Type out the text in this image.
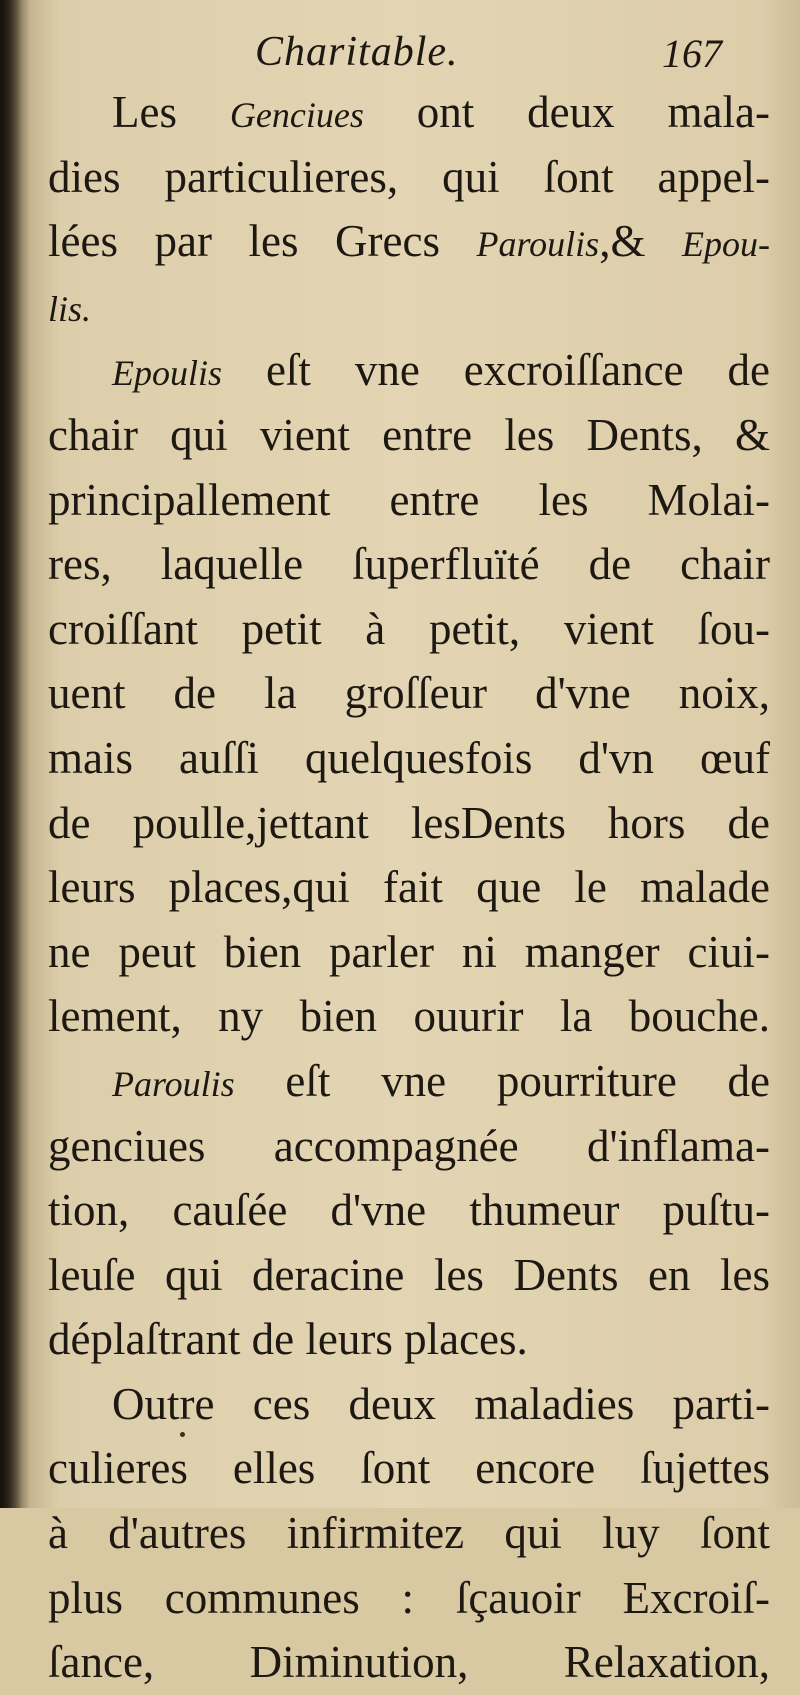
Charitable.	167
Les Genciues ont deux mala-
dies particulieres, qui ſont appel-
lées par les Grecs Paroulis,& Epou-
lis.
Epoulis eſt vne excroiſſance de
chair qui vient entre les Dents, &
principallement entre les Molai-
res, laquelle ſuperfluïté de chair
croiſſant petit à petit, vient ſou-
uent de la groſſeur d'vne noix,
mais auſſi quelquesfois d'vn œuf
de poulle,jettant lesDents hors de
leurs places,qui fait que le malade
ne peut bien parler ni manger ciui-
lement, ny bien ouurir la bouche.
Paroulis eſt vne pourriture de
genciues accompagnée d'inflama-
tion, cauſée d'vne thumeur puſtu-
leuſe qui deracine les Dents en les
déplaſtrant de leurs places.
Outre ces deux maladies parti-
culieres elles ſont encore ſujettes
à d'autres infirmitez qui luy ſont
plus communes : ſçauoir Excroiſ-
ſance, Diminution, Relaxation,
